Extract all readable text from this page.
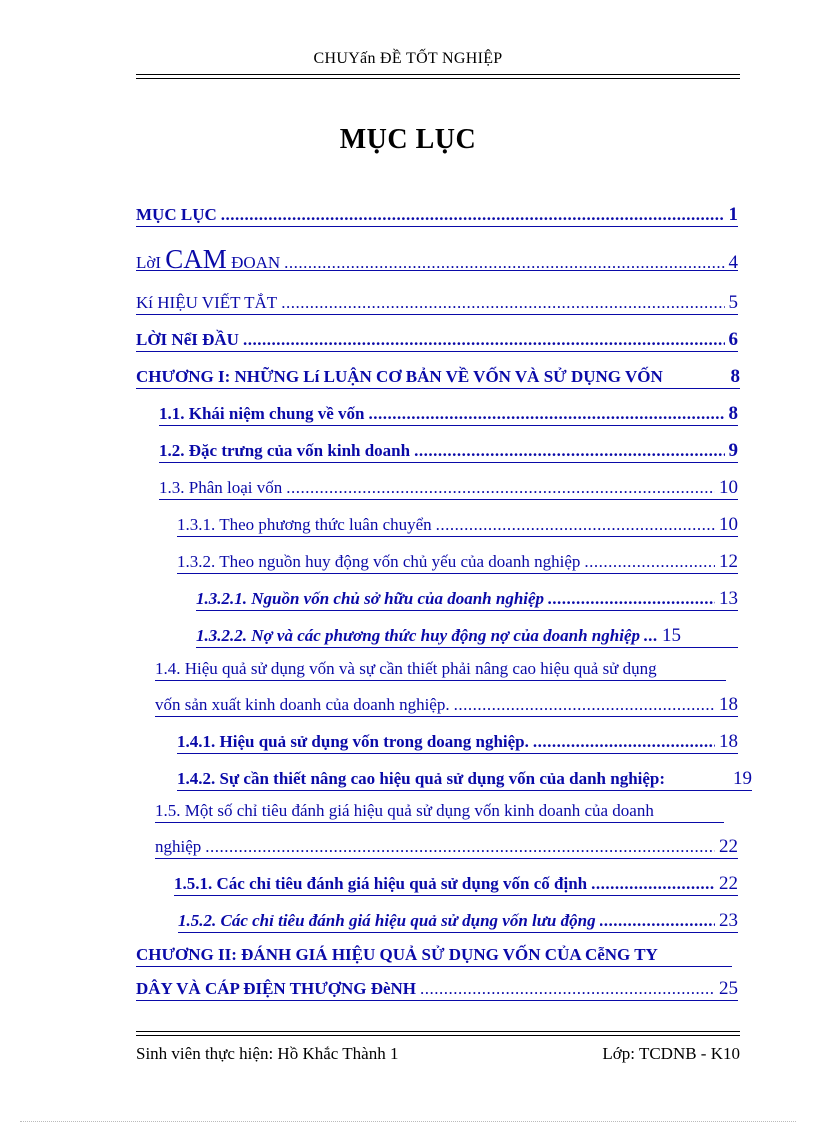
CHUYấn ĐỀ TỐT NGHIỆP
MỤC LỤC
MỤC LỤC .....	1
LờI CAM ĐOAN .....	4
Kí HIỆU VIẾT TẮT .....	5
LỜI NểI ĐẦU .....	6
CHƯƠNG I: NHỮNG Lí LUẬN CƠ BẢN VỀ VỐN VÀ SỬ DỤNG VỐN	8
1.1. Khái niệm chung về vốn .....	8
1.2. Đặc trưng của vốn kinh doanh .....	9
1.3. Phân loại vốn .....	10
1.3.1. Theo phương thức luân chuyển .....	10
1.3.2. Theo nguồn huy động vốn chủ yếu của doanh nghiệp .....	12
1.3.2.1. Nguồn vốn chủ sở hữu của doanh nghiệp .....	13
1.3.2.2. Nợ và các phương thức huy động nợ của doanh nghiệp ..... 15
1.4. Hiệu quả sử dụng vốn và sự cần thiết phải nâng cao hiệu quả sử dụng
vốn sản xuất kinh doanh của doanh nghiệp. .....	18
1.4.1. Hiệu quả sử dụng vốn trong doang nghiệp. .....	18
1.4.2. Sự cần thiết nâng cao hiệu quả sử dụng vốn của danh nghiệp:	19
1.5. Một số chỉ tiêu đánh giá hiệu quả sử dụng vốn kinh doanh của doanh
nghiệp .....	22
1.5.1. Các chỉ tiêu đánh giá hiệu quả sử dụng vốn cố định .....	22
1.5.2. Các chỉ tiêu đánh giá hiệu quả sử dụng vốn lưu động .....	23
CHƯƠNG II: ĐÁNH GIÁ HIỆU QUẢ SỬ DỤNG VỐN CỦA CễNG TY
DÂY VÀ CÁP ĐIỆN THƯỢNG ĐèNH .....	25
Sinh viên thực hiện: Hồ Khắc Thành 1	Lớp: TCDNB - K10
